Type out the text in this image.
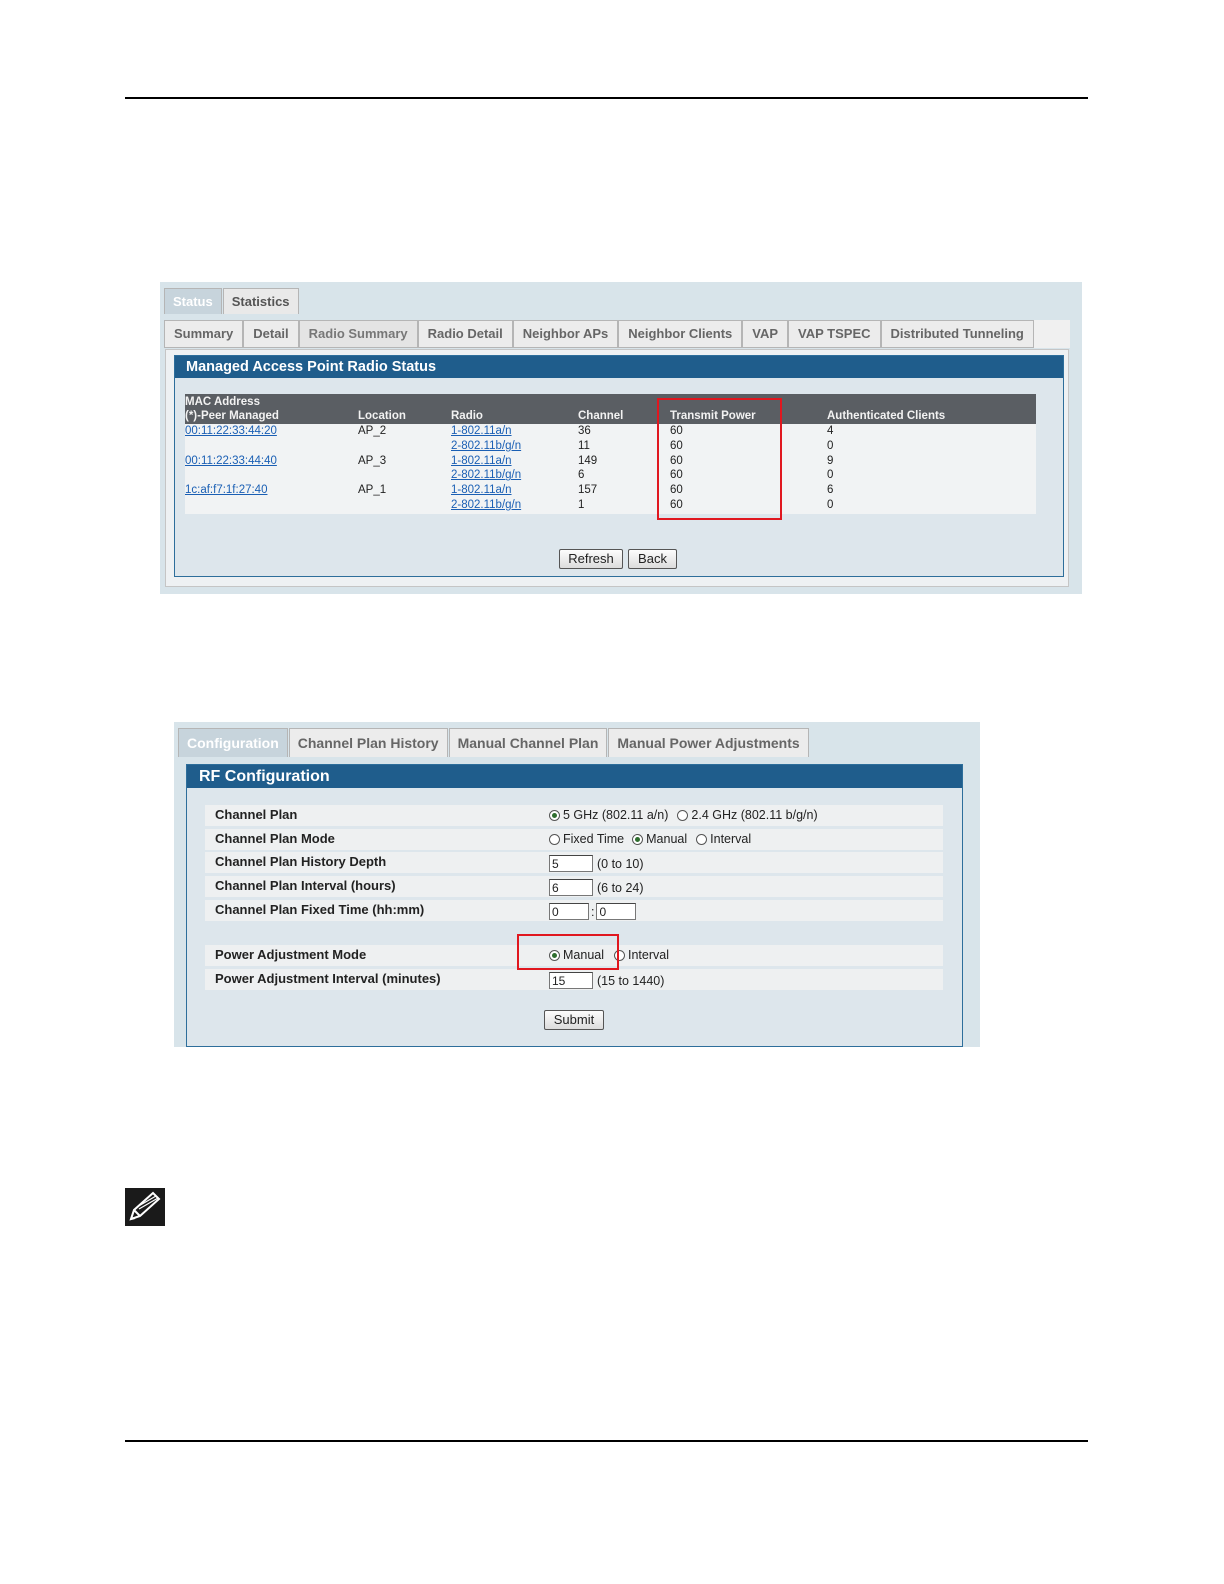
Status	Statistics
Summary	Detail	Radio Summary	Radio Detail	Neighbor APs	Neighbor Clients	VAP	VAP TSPEC	Distributed Tunneling
Managed Access Point Radio Status
MAC Address
(*)-Peer Managed	Location	Radio	Channel	Transmit Power	Authenticated Clients
00:11:22:33:44:20	AP_2	1-802.11a/n	36	60	4
2-802.11b/g/n	11	60	0
00:11:22:33:44:40	AP_3	1-802.11a/n	149	60	9
2-802.11b/g/n	6	60	0
1c:af:f7:1f:27:40	AP_1	1-802.11a/n	157	60	6
2-802.11b/g/n	1	60	0
Refresh	Back
Configuration	Channel Plan History	Manual Channel Plan	Manual Power Adjustments
RF Configuration
Channel Plan	5 GHz (802.11 a/n) 2.4 GHz (802.11 b/g/n)
Channel Plan Mode	Fixed Time Manual Interval
Channel Plan History Depth	5	(0 to 10)
Channel Plan Interval (hours)	6	(6 to 24)
Channel Plan Fixed Time (hh:mm)	0	: 0
Power Adjustment Mode	Manual Interval
Power Adjustment Interval (minutes)	15	(15 to 1440)
Submit
